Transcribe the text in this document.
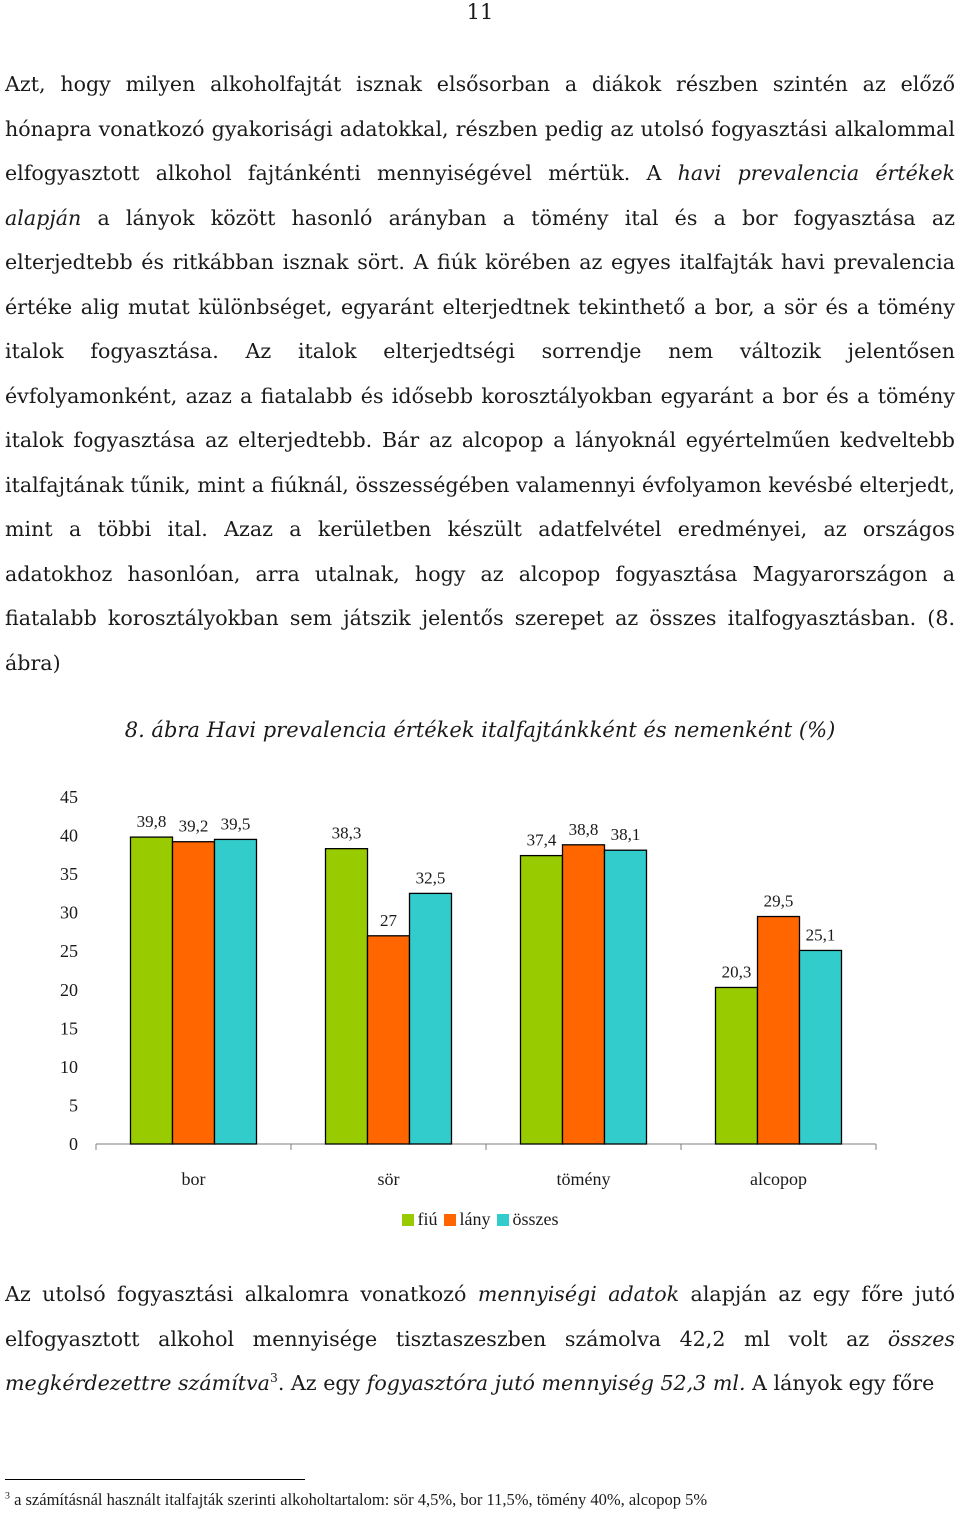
11

Azt, hogy milyen alkoholfajtát isznak elsősorban a diákok részben szintén az előző hónapra vonatkozó gyakorisági adatokkal, részben pedig az utolsó fogyasztási alkalommal elfogyasztott alkohol fajtánkénti mennyiségével mértük. A havi prevalencia értékek alapján a lányok között hasonló arányban a tömény ital és a bor fogyasztása az elterjedtebb és ritkábban isznak sört. A fiúk körében az egyes italfajták havi prevalencia értéke alig mutat különbséget, egyaránt elterjedtnek tekinthető a bor, a sör és a tömény italok fogyasztása. Az italok elterjedtségi sorrendje nem változik jelentősen évfolyamonként, azaz a fiatalabb és idősebb korosztályokban egyaránt a bor és a tömény italok fogyasztása az elterjedtebb. Bár az alcopop a lányoknál egyértelműen kedveltebb italfajtának tűnik, mint a fiúknál, összességében valamennyi évfolyamon kevésbé elterjedt, mint a többi ital. Azaz a kerületben készült adatfelvétel eredményei, az országos adatokhoz hasonlóan, arra utalnak, hogy az alcopop fogyasztása Magyarországon a fiatalabb korosztályokban sem játszik jelentős szerepet az összes italfogyasztásban. (8. ábra)

8. ábra Havi prevalencia értékek italfajtánkként és nemenként (%)
0
5
10
15
20
25
30
35
40
45
39,8 39,2 39,5
bor
38,3
27
32,5
sör
37,4
38,8 38,1
tömény
20,3
29,5
25,1
alcopop
fiú lány összes

Az utolsó fogyasztási alkalomra vonatkozó mennyiségi adatok alapján az egy főre jutó elfogyasztott alkohol mennyisége tisztaszeszben számolva 42,2 ml volt az összes megkérdezettre számítva$^3$. Az egy fogyasztóra jutó mennyiség 52,3 ml. A lányok egy főre

$^3$ a számításnál használt italfajták szerinti alkoholtartalom: sör 4,5%, bor 11,5%, tömény 40%, alcopop 5%
